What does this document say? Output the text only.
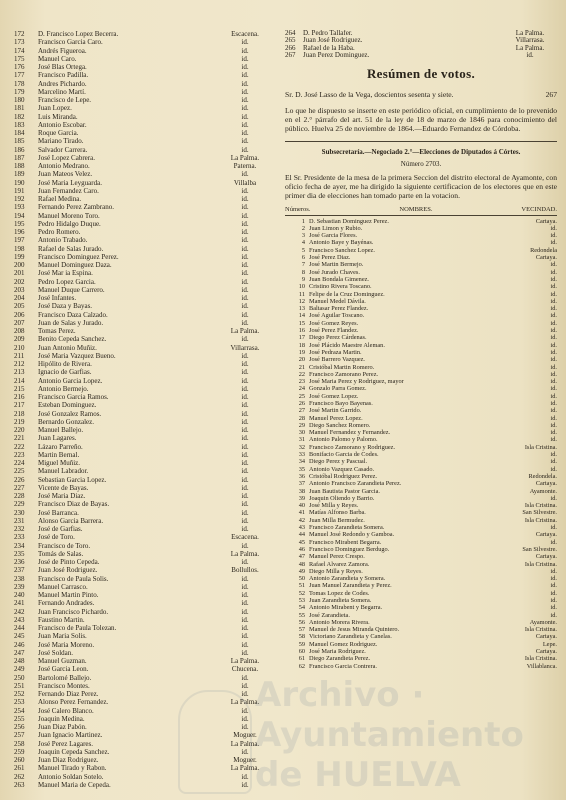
172	D. Francisco Lopez Becerra.	Escacena.
173	Francisco Garcia Caro.	id.
174	Andrés Figueroa.	id.
175	Manuel Caro.	id.
176	José Blas Ortega.	id.
177	Francisco Padilla.	id.
178	Andres Pichardo.	id.
179	Marcelino Martí.	id.
180	Francisco de Lepe.	id.
181	Juan Lopez.	id.
182	Luis Miranda.	id.
183	Antonio Escobar.	id.
184	Roque Garcia.	id.
185	Mariano Tirado.	id.
186	Salvador Carrera.	id.
187	José Lopez Cabrera.	La Palma.
188	Antonio Medrano.	Paterna.
189	Juan Mateos Velez.	id.
190	José Maria Leyguarda.	Villalba
191	Juan Fernandez Caro.	id.
192	Rafael Medina.	id.
193	Fernando Perez Zambrano.	id.
194	Manuel Moreno Toro.	id.
195	Pedro Hidalgo Duque.	id.
196	Pedro Romero.	id.
197	Antonio Trabado.	id.
198	Rafael de Salas Jurado.	id.
199	Francisco Dominguez Perez.	id.
200	Manuel Dominguez Daza.	id.
201	José Mar ia Espina.	id.
202	Pedro Lopez Garcia.	id.
203	Manuel Duque Carrero.	id.
204	José Infantes.	id.
205	José Daza y Bayas.	id.
206	Francisco Daza Calzado.	id.
207	Juan de Salas y Jurado.	id.
208	Tomas Perez.	La Palma.
209	Benito Cepeda Sanchez.	id.
210	Juan Antonio Muñiz.	Villarrasa.
211	José Maria Vazquez Bueno.	id.
212	Hipólito de Rivera.	id.
213	Ignacio de Garfias.	id.
214	Antonio Garcia Lopez.	id.
215	Antonio Bermejo.	id.
216	Francisco Garcia Ramos.	id.
217	Esteban Dominguez.	id.
218	José Gonzalez Ramos.	id.
219	Bernardo Gonzalez.	id.
220	Manuel Ballejo.	id.
221	Juan Lagares.	id.
222	Lázaro Parreño.	id.
223	Martin Bernal.	id.
224	Miguel Muñiz.	id.
225	Manuel Labrador.	id.
226	Sebastian Garcia Lopez.	id.
227	Vicente de Bayas.	id.
228	José Maria Diaz.	id.
229	Francisco Diaz de Bayas.	id.
230	José Barranca.	id.
231	Alonso Garcia Barrera.	id.
232	José de Garfias.	id.
233	José de Toro.	Escacena.
234	Francisco de Toro.	id.
235	Tomás de Salas.	La Palma.
236	José de Pinto Cepeda.	id.
237	Juan José Rodriguez.	Bollullos.
238	Francisco de Paula Solis.	id.
239	Manuel Carrasco.	id.
240	Manuel Martin Pinto.	id.
241	Fernando Andrades.	id.
242	Juan Francisco Pichardo.	id.
243	Faustino Martin.	id.
244	Francisco de Paula Tolezan.	id.
245	Juan Maria Solis.	id.
246	José Maria Moreno.	id.
247	José Soldan.	id.
248	Manuel Guzman.	La Palma.
249	José Garcia Leon.	Chucena.
250	Bartolomé Ballejo.	id.
251	Francisco Montes.	id.
252	Fernando Diaz Perez.	id.
253	Alonso Perez Fernandez.	La Palma.
254	José Calero Blanco.	id.
255	Joaquin Medina.	id.
256	Juan Diaz Pabón.	id.
257	Juan Ignacio Martinez.	Moguer.
258	José Perez Lagares.	La Palma.
259	Joaquin Cepeda Sanchez.	id.
260	Juan Diaz Rodriguez.	Moguer.
261	Manuel Tirado y Rabon.	La Palma.
262	Antonio Soldan Sotelo.	id.
263	Manuel Maria de Cepeda.	id.
264	D. Pedro Tallafer.	La Palma.
265	Juan José Rodriguez.	Villarrasa.
266	Rafael de la Haba.	La Palma.
267	Juan Perez Dominguez.	id.
Resúmen de votos.
Sr. D. José Lasso de la Vega, doscientos sesenta y siete.	267

Lo que he dispuesto se inserte en este periódico oficial, en cumplimiento de lo prevenido en el 2.° párrafo del art. 51 de la ley de 18 de marzo de 1846 para conocimiento del público. Huelva 25 de noviembre de 1864.—Eduardo Fernandez de Córdoba.

Subsecretaría.—Negociado 2.°—Elecciones de Diputados á Córtes.
Número 2703.

El Sr. Presidente de la mesa de la primera Seccion del distrito electoral de Ayamonte, con oficio fecha de ayer, me ha dirigido la siguiente certificacion de los electores que en este primer dia de elecciones han tomado parte en la votacion.

Números.	NOMBRES.	VECINDAD.
1 D. Sebastian Dominguez Perez.	Cartaya.
2 Juan Limon y Rubio.	id.
3 José Garcia Flores.	id.
4 Antonio Baye y Bayénas.	id.
5 Francisco Sanchez Lopez.	Redondela
6 José Perez Diaz.	Cartaya.
7 José Martin Bermejo.	id.
8 José Jurado Chaves.	id.
9 Juan Bondala Gimenez.	id.
10 Cristino Rivera Toscano.	id.
11 Felipe de la Cruz Dominguez.	id.
12 Manuel Medel Dávila.	id.
13 Baltasar Perez Flandez.	id.
14 José Aguilar Toscano.	id.
15 José Gomez Reyes.	id.
16 José Perez Flandez.	id.
17 Diego Perez Cárdenas.	id.
18 José Plácido Maestre Aleman.	id.
19 José Pedraza Martin.	id.
20 José Barrero Vazquez.	id.
21 Cristóbal Martin Romero.	id.
22 Francisco Zamorano Perez.	id.
23 José Maria Perez y Rodriguez, mayor	id.
24 Gonzalo Parra Gomez.	id.
25 José Gomez Lopez.	id.
26 Francisco Bayo Bayenas.	id.
27 José Martin Garrido.	id.
28 Manuel Perez Lopez.	id.
29 Diego Sanchez Romero.	id.
30 Manuel Fernandez y Fernandez.	id.
31 Antonio Palomo y Palomo.	id.
32 Francisco Zamorano y Rodriguez.	Isla Cristina.
33 Bonifacio Garcia de Codes.	id.
34 Diego Perez y Pascual.	id.
35 Antonio Vazquez Casado.	id.
36 Cristóbal Rodriguez Perez.	Redondela.
37 Antonio Francisco Zarandieta Perez.	Cartaya.
38 Juan Bautista Pastor Garcia.	Ayamonte.
39 Joaquin Oliendo y Barrio.	id.
40 José Milla y Reyes.	Isla Cristina.
41 Matías Alfonso Barba.	San Silvestre.
42 Juan Milla Bermudez.	Isla Cristina.
43 Francisco Zarandieta Somera.	id.
44 Manuel José Redondo y Gamboa.	Cartaya.
45 Francisco Mirabent Begarra.	id.
46 Francisco Dominguez Berdugo.	San Silvestre.
47 Manuel Perez Crespo.	Cartaya.
48 Rafael Alvarez Zamora.	Isla Cristina.
49 Diego Milla y Reyes.	id.
50 Antonio Zarandieta y Somera.	id.
51 Juan Manuel Zarandieta y Perez.	id.
52 Tomas Lopez de Codes.	id.
53 Juan Zarandieta Somera.	id.
54 Antonio Mirabent y Begarra.	id.
55 José Zarandieta.	id.
56 Antonio Morera Rivera.	Ayamonte.
57 Manuel de Jesus Miranda Quintero.	Isla Cristina.
58 Victoriano Zarandieta y Canelas.	Cartaya.
59 Manuel Gomez Rodriguez.	Lepe.
60 José Maria Rodriguez.	Cartaya.
61 Diego Zarandieta Perez.	Isla Cristina.
62 Francisco Garcia Contrera.	Villablanca.
Archivo · Ayuntamiento de HUELVA
